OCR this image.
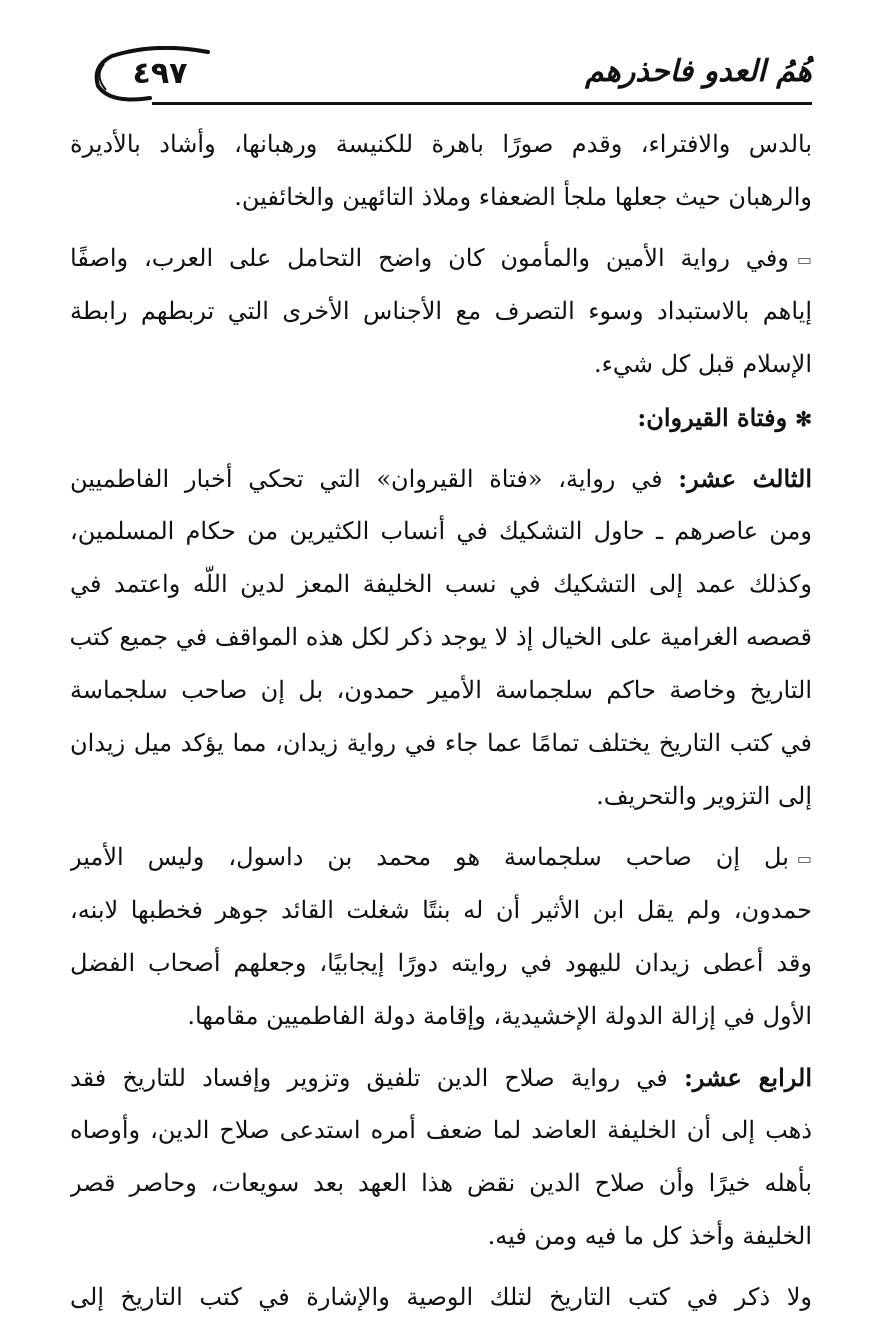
٤٩٧	هُمُ العدو فاحذرهم
بالدس والافتراء، وقدم صورًا باهرة للكنيسة ورهبانها، وأشاد بالأديرة
والرهبان حيث جعلها ملجأ الضعفاء وملاذ التائهين والخائفين.
▭وفي رواية الأمين والمأمون كان واضح التحامل على العرب، واصفًا
إياهم بالاستبداد وسوء التصرف مع الأجناس الأخرى التي تربطهم رابطة
الإسلام قبل كل شيء.
✻وفتاة القيروان:
الثالث عشر: في رواية، «فتاة القيروان» التي تحكي أخبار الفاطميين
ومن عاصرهم ـ حاول التشكيك في أنساب الكثيرين من حكام المسلمين،
وكذلك عمد إلى التشكيك في نسب الخليفة المعز لدين اللّه واعتمد في
قصصه الغرامية على الخيال إذ لا يوجد ذكر لكل هذه المواقف في جميع كتب
التاريخ وخاصة حاكم سلجماسة الأمير حمدون، بل إن صاحب سلجماسة
في كتب التاريخ يختلف تمامًا عما جاء في رواية زيدان، مما يؤكد ميل زيدان
إلى التزوير والتحريف.
▭بل إن صاحب سلجماسة هو محمد بن داسول، وليس الأمير
حمدون، ولم يقل ابن الأثير أن له بنتًا شغلت القائد جوهر فخطبها لابنه،
وقد أعطى زيدان لليهود في روايته دورًا إيجابيًا، وجعلهم أصحاب الفضل
الأول في إزالة الدولة الإخشيدية، وإقامة دولة الفاطميين مقامها.
الرابع عشر: في رواية صلاح الدين تلفيق وتزوير وإفساد للتاريخ فقد
ذهب إلى أن الخليفة العاضد لما ضعف أمره استدعى صلاح الدين، وأوصاه
بأهله خيرًا وأن صلاح الدين نقض هذا العهد بعد سويعات، وحاصر قصر
الخليفة وأخذ كل ما فيه ومن فيه.
ولا ذكر في كتب التاريخ لتلك الوصية والإشارة في كتب التاريخ إلى
